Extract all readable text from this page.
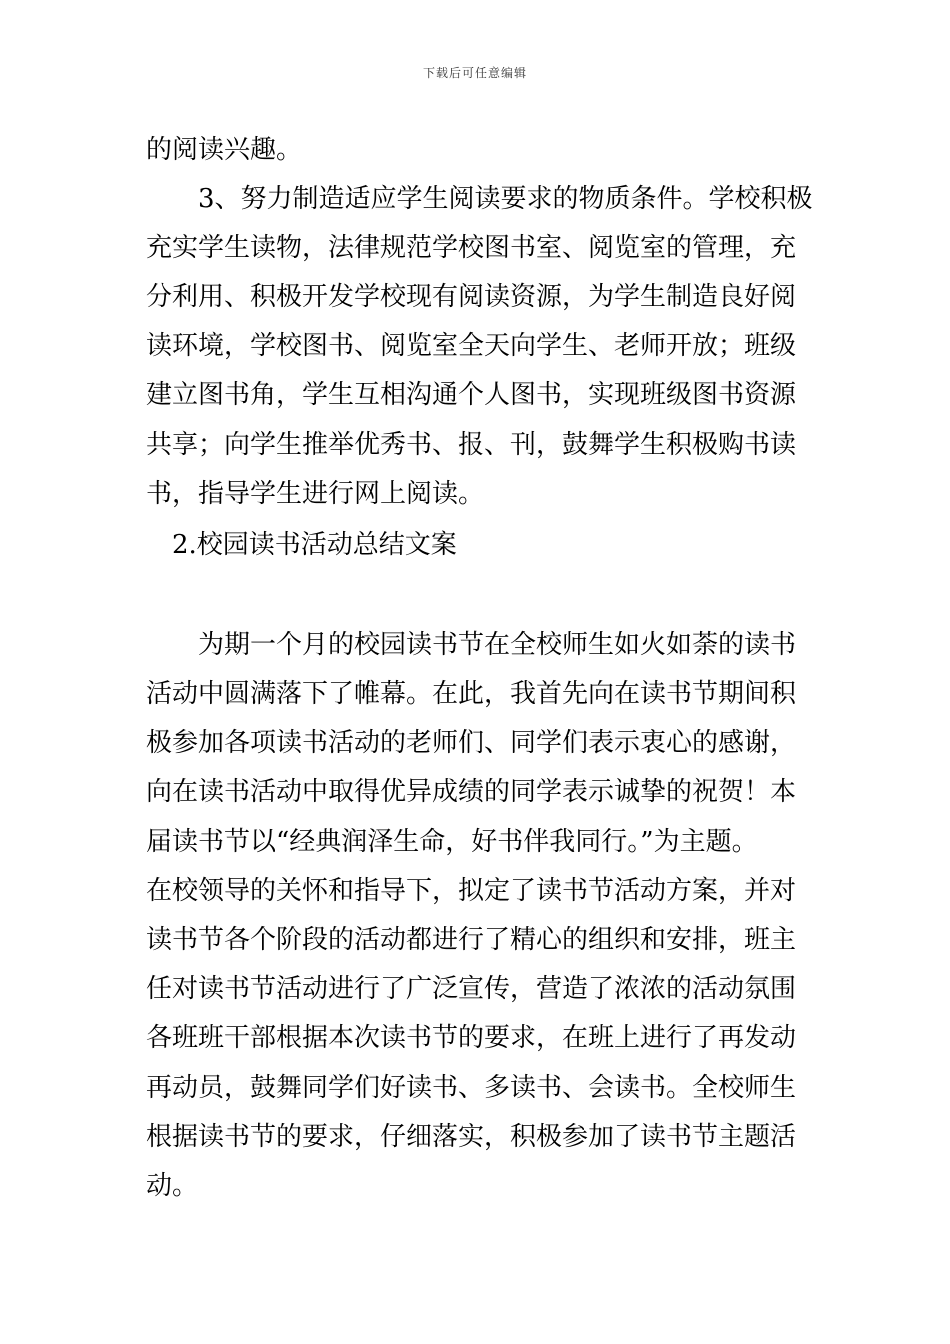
下载后可任意编辑
的阅读兴趣。
3、努力制造适应学生阅读要求的物质条件。学校积极
充实学生读物，法律规范学校图书室、阅览室的管理，充
分利用、积极开发学校现有阅读资源，为学生制造良好阅
读环境，学校图书、阅览室全天向学生、老师开放；班级
建立图书角，学生互相沟通个人图书，实现班级图书资源
共享；向学生推举优秀书、报、刊，鼓舞学生积极购书读
书，指导学生进行网上阅读。
2.校园读书活动总结文案
为期一个月的校园读书节在全校师生如火如荼的读书
活动中圆满落下了帷幕。在此，我首先向在读书节期间积
极参加各项读书活动的老师们、同学们表示衷心的感谢，
向在读书活动中取得优异成绩的同学表示诚挚的祝贺！本
届读书节以“经典润泽生命，好书伴我同行。”为主题。
在校领导的关怀和指导下，拟定了读书节活动方案，并对
读书节各个阶段的活动都进行了精心的组织和安排，班主
任对读书节活动进行了广泛宣传，营造了浓浓的活动氛围
各班班干部根据本次读书节的要求，在班上进行了再发动
再动员，鼓舞同学们好读书、多读书、会读书。全校师生
根据读书节的要求，仔细落实，积极参加了读书节主题活
动。
